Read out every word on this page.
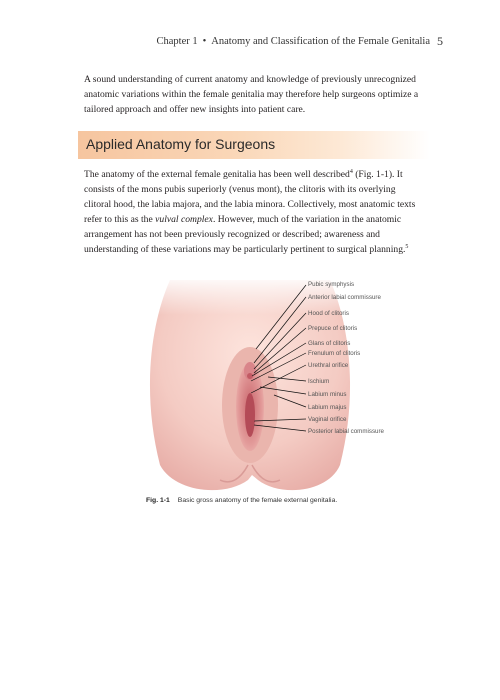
Chapter 1 • Anatomy and Classification of the Female Genitalia 5

A sound understanding of current anatomy and knowledge of previously unrecognized anatomic variations within the female genitalia may therefore help surgeons optimize a tailored approach and offer new insights into patient care.

Applied Anatomy for Surgeons

The anatomy of the external female genitalia has been well described$^4$ (Fig. 1-1). It consists of the mons pubis superiorly (venus mont), the clitoris with its overlying clitoral hood, the labia majora, and the labia minora. Collectively, most anatomic texts refer to this as the vulval complex. However, much of the variation in the anatomic arrangement has not been previously recognized or described; awareness and understanding of these variations may be particularly pertinent to surgical planning.$^5$

Pubic symphysis
Anterior labial commissure
Hood of clitoris
Prepuce of clitoris
Glans of clitoris
Frenulum of clitoris
Urethral orifice
Ischium
Labium minus
Labium majus
Vaginal orifice
Posterior labial commissure
Fig. 1-1 Basic gross anatomy of the female external genitalia.
